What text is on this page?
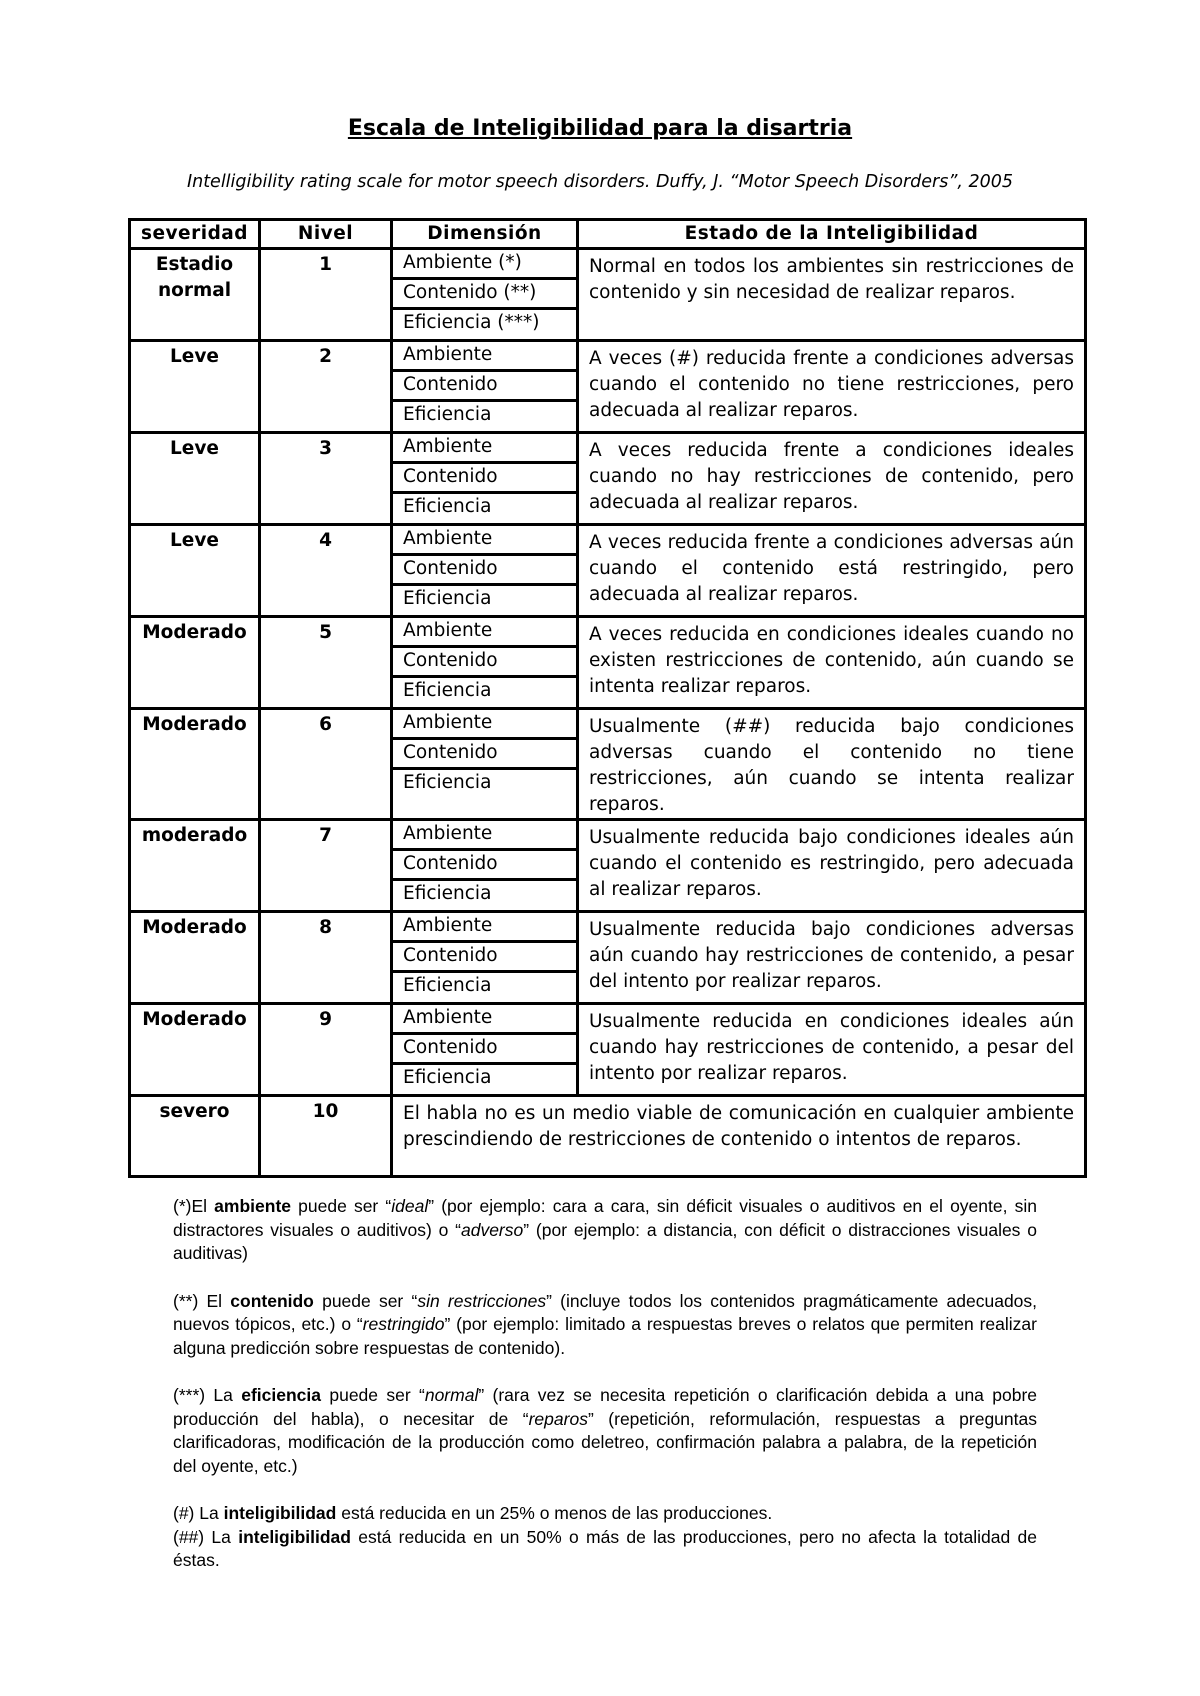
Escala de Inteligibilidad para la disartria

Intelligibility rating scale for motor speech disorders. Duffy, J. “Motor Speech Disorders”, 2005

severidad	Nivel	Dimensión	Estado de la Inteligibilidad
Estadio normal	1	Ambiente (*)
Contenido (**)
Eficiencia (***)	Normal en todos los ambientes sin restricciones de contenido y sin necesidad de realizar reparos.
Leve	2	Ambiente
Contenido
Eficiencia	A veces (#) reducida frente a condiciones adversas cuando el contenido no tiene restricciones, pero adecuada al realizar reparos.
Leve	3	Ambiente
Contenido
Eficiencia	A veces reducida frente a condiciones ideales cuando no hay restricciones de contenido, pero adecuada al realizar reparos.
Leve	4	Ambiente
Contenido
Eficiencia	A veces reducida frente a condiciones adversas aún cuando el contenido está restringido, pero adecuada al realizar reparos.
Moderado	5	Ambiente
Contenido
Eficiencia	A veces reducida en condiciones ideales cuando no existen restricciones de contenido, aún cuando se intenta realizar reparos.
Moderado	6	Ambiente
Contenido
Eficiencia	Usualmente (##) reducida bajo condiciones adversas cuando el contenido no tiene restricciones, aún cuando se intenta realizar reparos.
moderado	7	Ambiente
Contenido
Eficiencia	Usualmente reducida bajo condiciones ideales aún cuando el contenido es restringido, pero adecuada al realizar reparos.
Moderado	8	Ambiente
Contenido
Eficiencia	Usualmente reducida bajo condiciones adversas aún cuando hay restricciones de contenido, a pesar del intento por realizar reparos.
Moderado	9	Ambiente
Contenido
Eficiencia	Usualmente reducida en condiciones ideales aún cuando hay restricciones de contenido, a pesar del intento por realizar reparos.
severo	10	El habla no es un medio viable de comunicación en cualquier ambiente prescindiendo de restricciones de contenido o intentos de reparos.	

(*)El ambiente puede ser “ideal” (por ejemplo: cara a cara, sin déficit visuales o auditivos en el oyente, sin distractores visuales o auditivos) o “adverso” (por ejemplo: a distancia, con déficit o distracciones visuales o auditivas)

(**) El contenido puede ser “sin restricciones” (incluye todos los contenidos pragmáticamente adecuados, nuevos tópicos, etc.) o “restringido” (por ejemplo: limitado a respuestas breves o relatos que permiten realizar alguna predicción sobre respuestas de contenido).

(***) La eficiencia puede ser “normal” (rara vez se necesita repetición o clarificación debida a una pobre producción del habla), o necesitar de “reparos” (repetición, reformulación, respuestas a preguntas clarificadoras, modificación de la producción como deletreo, confirmación palabra a palabra, de la repetición del oyente, etc.)

(#) La inteligibilidad está reducida en un 25% o menos de las producciones.

(##) La inteligibilidad está reducida en un 50% o más de las producciones, pero no afecta la totalidad de éstas.
